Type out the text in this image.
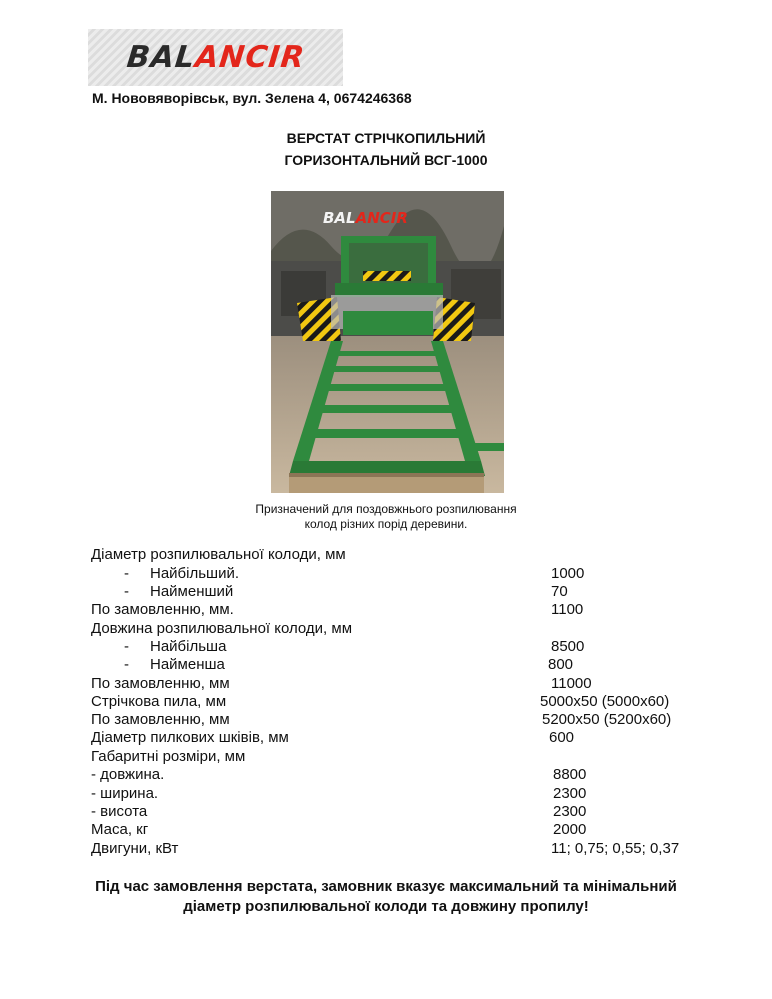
BALANCIR
М. Нововяворівськ, вул. Зелена 4, 0674246368
ВЕРСТАТ СТРІЧКОПИЛЬНИЙ
ГОРИЗОНТАЛЬНИЙ ВСГ-1000
BALANCIR
Призначений для поздовжнього розпилювання
колод різних порід деревини.
Діаметр розпилювальної колоди, мм
- Найбільший.	1000
- Найменший	70
По замовленню, мм.	1100
Довжина розпилювальної колоди, мм
- Найбільша	8500
- Найменша	800
По замовленню, мм	11000
Стрічкова пила, мм	5000x50 (5000x60)
По замовленню, мм	5200x50 (5200x60)
Діаметр пилкових шківів, мм	600
Габаритні розміри, мм
- довжина.	8800
- ширина.	2300
- висота	2300
Маса, кг	2000
Двигуни, кВт	11; 0,75; 0,55; 0,37
Під час замовлення верстата, замовник вказує максимальний та мінімальний
діаметр розпилювальної колоди та довжину пропилу!
